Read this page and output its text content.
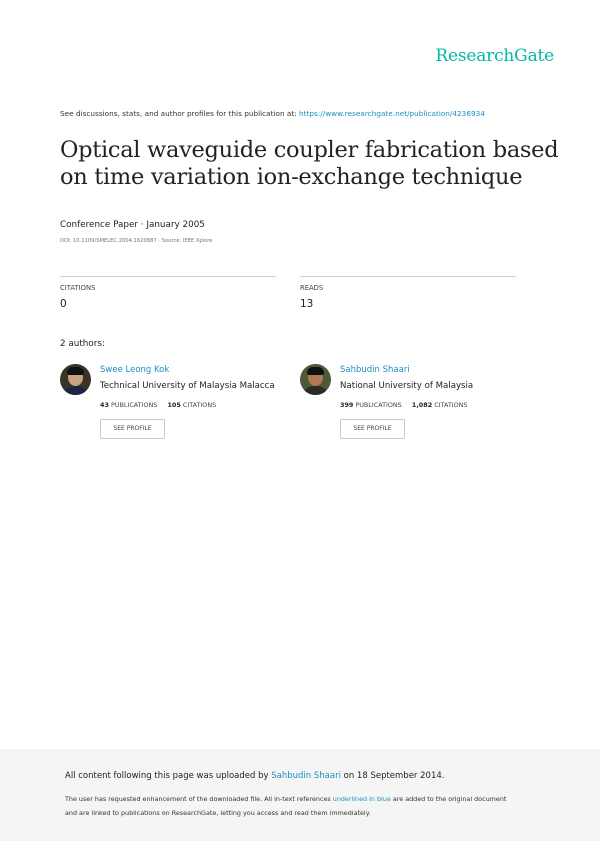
ResearchGate
See discussions, stats, and author profiles for this publication at: https://www.researchgate.net/publication/4236934
Optical waveguide coupler fabrication based on time variation ion-exchange technique
Conference Paper · January 2005
DOI: 10.1109/SMELEC.2004.1620887 · Source: IEEE Xplore
CITATIONS
0
READS
13
2 authors:
Swee Leong Kok
Technical University of Malaysia Malacca
43 PUBLICATIONS 105 CITATIONS
SEE PROFILE
Sahbudin Shaari
National University of Malaysia
399 PUBLICATIONS 1,082 CITATIONS
SEE PROFILE
All content following this page was uploaded by Sahbudin Shaari on 18 September 2014.
The user has requested enhancement of the downloaded file. All in-text references underlined in blue are added to the original document
and are linked to publications on ResearchGate, letting you access and read them immediately.
